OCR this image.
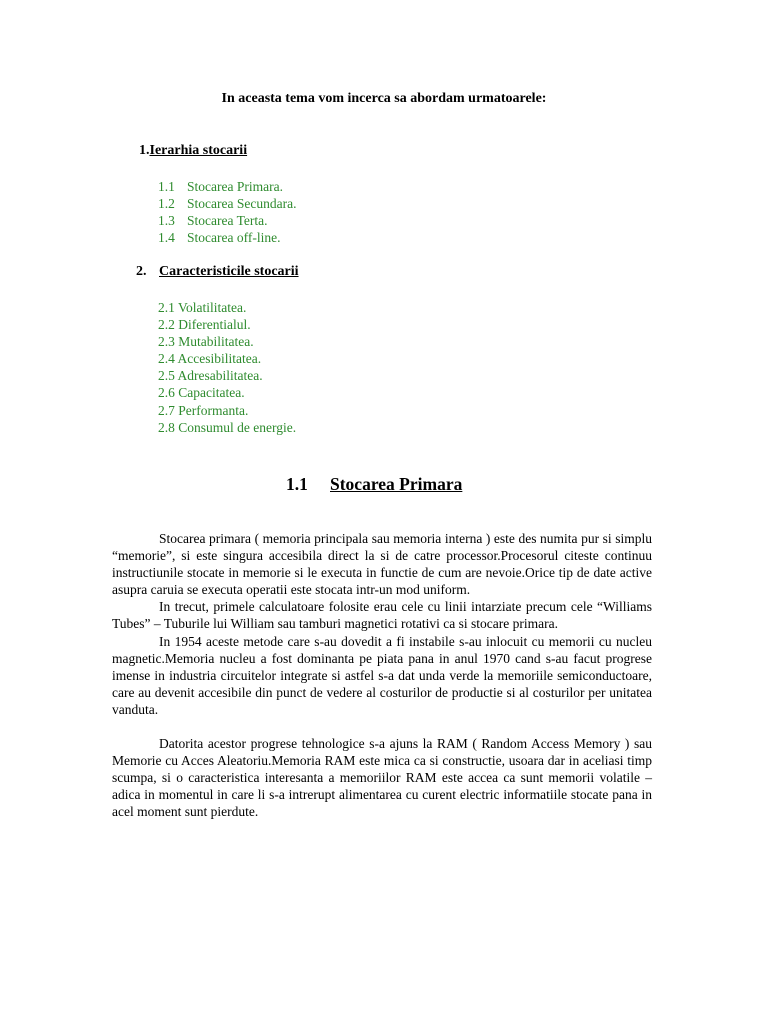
In aceasta tema vom incerca sa abordam urmatoarele:
1.Ierarhia stocarii
1.1 Stocarea Primara.
1.2 Stocarea Secundara.
1.3 Stocarea Terta.
1.4 Stocarea off-line.
2. Caracteristicile stocarii
2.1 Volatilitatea.
2.2 Diferentialul.
2.3 Mutabilitatea.
2.4 Accesibilitatea.
2.5 Adresabilitatea.
2.6 Capacitatea.
2.7 Performanta.
2.8 Consumul de energie.
1.1 Stocarea Primara

Stocarea primara ( memoria principala sau memoria interna ) este des numita pur si simplu “memorie”, si este singura accesibila direct la si de catre processor.Procesorul citeste continuu instructiunile stocate in memorie si le executa in functie de cum are nevoie.Orice tip de date active asupra caruia se executa operatii este stocata intr-un mod uniform.

In trecut, primele calculatoare folosite erau cele cu linii intarziate precum cele “Williams Tubes” – Tuburile lui William sau tamburi magnetici rotativi ca si stocare primara.

In 1954 aceste metode care s-au dovedit a fi instabile s-au inlocuit cu memorii cu nucleu magnetic.Memoria nucleu a fost dominanta pe piata pana in anul 1970 cand s-au facut progrese imense in industria circuitelor integrate si astfel s-a dat unda verde la memoriile semiconductoare, care au devenit accesibile din punct de vedere al costurilor de productie si al costurilor per unitatea vanduta.

Datorita acestor progrese tehnologice s-a ajuns la RAM ( Random Access Memory ) sau Memorie cu Acces Aleatoriu.Memoria RAM este mica ca si constructie, usoara dar in aceliasi timp scumpa, si o caracteristica interesanta a memoriilor RAM este accea ca sunt memorii volatile – adica in momentul in care li s-a intrerupt alimentarea cu curent electric informatiile stocate pana in acel moment sunt pierdute.
